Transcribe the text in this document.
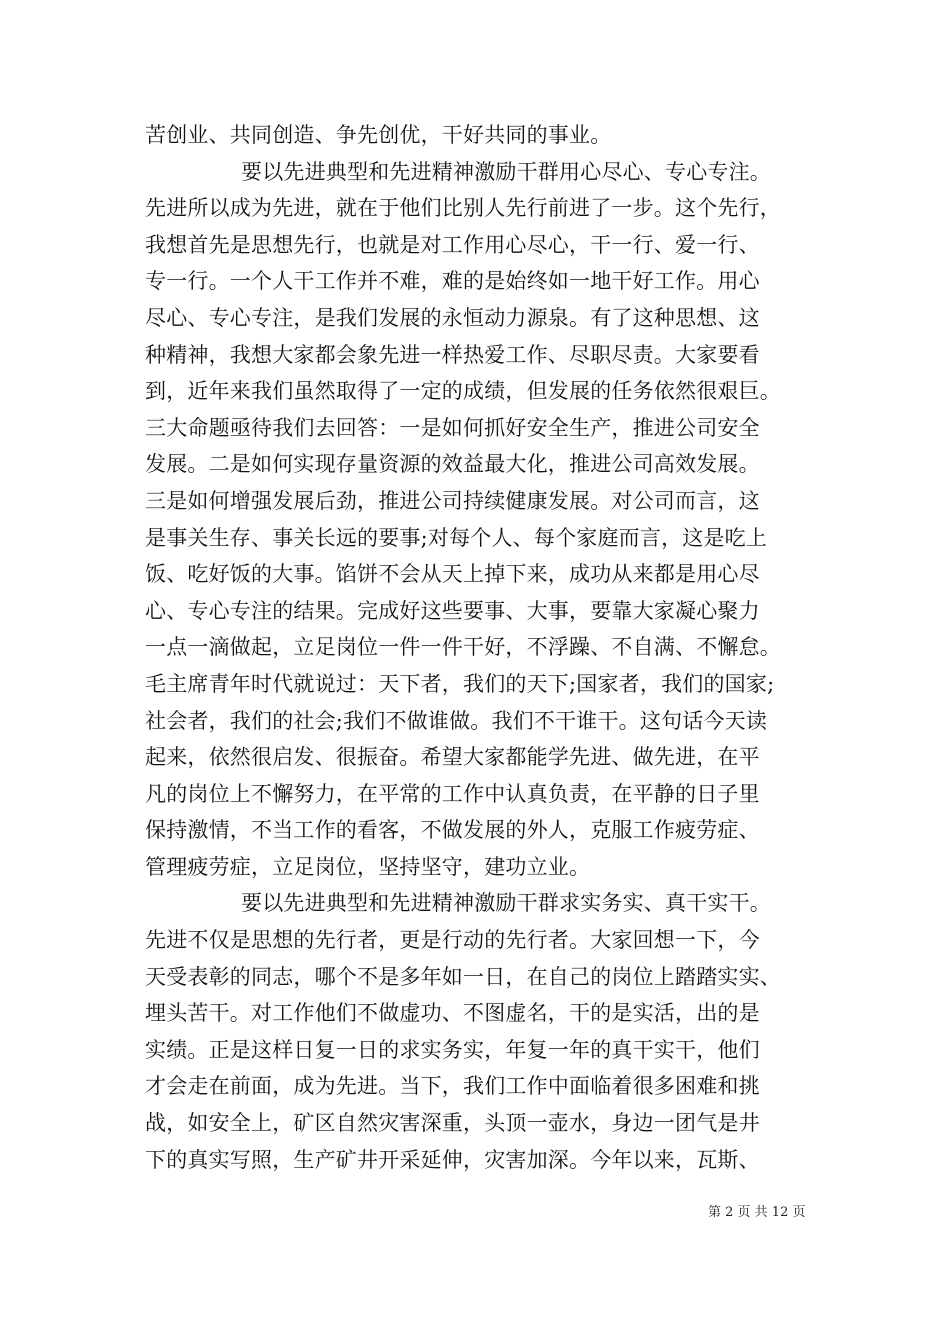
苦创业、共同创造、争先创优，干好共同的事业。
要以先进典型和先进精神激励干群用心尽心、专心专注。
先进所以成为先进，就在于他们比别人先行前进了一步。这个先行，
我想首先是思想先行，也就是对工作用心尽心，干一行、爱一行、
专一行。一个人干工作并不难，难的是始终如一地干好工作。用心
尽心、专心专注，是我们发展的永恒动力源泉。有了这种思想、这
种精神，我想大家都会象先进一样热爱工作、尽职尽责。大家要看
到，近年来我们虽然取得了一定的成绩，但发展的任务依然很艰巨。
三大命题亟待我们去回答：一是如何抓好安全生产，推进公司安全
发展。二是如何实现存量资源的效益最大化，推进公司高效发展。
三是如何增强发展后劲，推进公司持续健康发展。对公司而言，这
是事关生存、事关长远的要事;对每个人、每个家庭而言，这是吃上
饭、吃好饭的大事。馅饼不会从天上掉下来，成功从来都是用心尽
心、专心专注的结果。完成好这些要事、大事，要靠大家凝心聚力
一点一滴做起，立足岗位一件一件干好，不浮躁、不自满、不懈怠。
毛主席青年时代就说过：天下者，我们的天下;国家者，我们的国家;
社会者，我们的社会;我们不做谁做。我们不干谁干。这句话今天读
起来，依然很启发、很振奋。希望大家都能学先进、做先进，在平
凡的岗位上不懈努力，在平常的工作中认真负责，在平静的日子里
保持激情，不当工作的看客，不做发展的外人，克服工作疲劳症、
管理疲劳症，立足岗位，坚持坚守，建功立业。
要以先进典型和先进精神激励干群求实务实、真干实干。
先进不仅是思想的先行者，更是行动的先行者。大家回想一下，今
天受表彰的同志，哪个不是多年如一日，在自己的岗位上踏踏实实、
埋头苦干。对工作他们不做虚功、不图虚名，干的是实活，出的是
实绩。正是这样日复一日的求实务实，年复一年的真干实干，他们
才会走在前面，成为先进。当下，我们工作中面临着很多困难和挑
战，如安全上，矿区自然灾害深重，头顶一壶水，身边一团气是井
下的真实写照，生产矿井开采延伸，灾害加深。今年以来，瓦斯、
第 2 页 共 12 页
